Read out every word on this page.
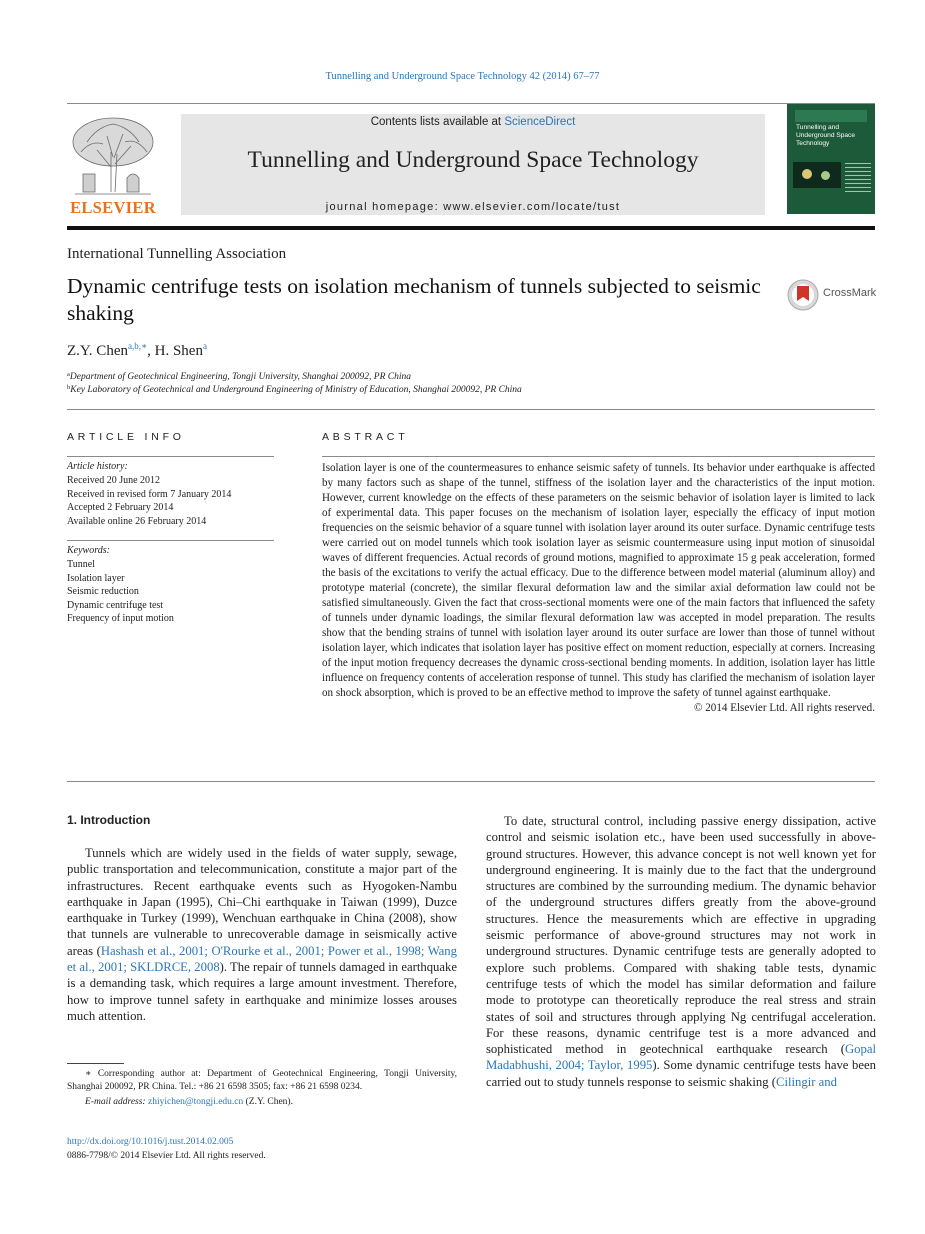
Tunnelling and Underground Space Technology 42 (2014) 67–77
ELSEVIER
Contents lists available at ScienceDirect
Tunnelling and Underground Space Technology
journal homepage: www.elsevier.com/locate/tust
Tunnelling and Underground Space Technology
International Tunnelling Association
Dynamic centrifuge tests on isolation mechanism of tunnels subjected to seismic shaking
CrossMark
Z.Y. Chen$^{a,b,∗}$, H. Shen$^a$
$^a$Department of Geotechnical Engineering, Tongji University, Shanghai 200092, PR China
$^b$Key Laboratory of Geotechnical and Underground Engineering of Ministry of Education, Shanghai 200092, PR China
ARTICLE INFO
Article history:
Received 20 June 2012
Received in revised form 7 January 2014
Accepted 2 February 2014
Available online 26 February 2014
Keywords:
Tunnel
Isolation layer
Seismic reduction
Dynamic centrifuge test
Frequency of input motion
ABSTRACT
Isolation layer is one of the countermeasures to enhance seismic safety of tunnels. Its behavior under earthquake is affected by many factors such as shape of the tunnel, stiffness of the isolation layer and the characteristics of the input motion. However, current knowledge on the effects of these parameters on the seismic behavior of isolation layer is limited to lack of experimental data. This paper focuses on the mechanism of isolation layer, especially the efficacy of input motion frequencies on the seismic behavior of a square tunnel with isolation layer around its outer surface. Dynamic centrifuge tests were carried out on model tunnels which took isolation layer as seismic countermeasure using input motion of sinusoidal waves of different frequencies. Actual records of ground motions, magnified to approximate 15 g peak acceleration, formed the basis of the excitations to verify the actual efficacy. Due to the difference between model material (aluminum alloy) and prototype material (concrete), the similar flexural deformation law and the similar axial deformation law could not be satisfied simultaneously. Given the fact that cross-sectional moments were one of the main factors that influenced the safety of tunnels under dynamic loadings, the similar flexural deformation law was accepted in model preparation. The results show that the bending strains of tunnel with isolation layer around its outer surface are lower than those of tunnel without isolation layer, which indicates that isolation layer has positive effect on moment reduction, especially at corners. Increasing of the input motion frequency decreases the dynamic cross-sectional bending moments. In addition, isolation layer has little influence on frequency contents of acceleration response of tunnel. This study has clarified the mechanism of isolation layer on shock absorption, which is proved to be an effective method to improve the safety of tunnel against earthquake.
© 2014 Elsevier Ltd. All rights reserved.
1. Introduction

Tunnels which are widely used in the fields of water supply, sewage, public transportation and telecommunication, constitute a major part of the infrastructures. Recent earthquake events such as Hyogoken-Nambu earthquake in Japan (1995), Chi–Chi earthquake in Taiwan (1999), Duzce earthquake in Turkey (1999), Wenchuan earthquake in China (2008), show that tunnels are vulnerable to unrecoverable damage in seismically active areas (Hashash et al., 2001; O'Rourke et al., 2001; Power et al., 1998; Wang et al., 2001; SKLDRCE, 2008). The repair of tunnels damaged in earthquake is a demanding task, which requires a large amount investment. Therefore, how to improve tunnel safety in earthquake and minimize losses arouses much attention.

To date, structural control, including passive energy dissipation, active control and seismic isolation etc., have been used successfully in above-ground structures. However, this advance concept is not well known yet for underground engineering. It is mainly due to the fact that the underground structures are combined by the surrounding medium. The dynamic behavior of the underground structures differs greatly from the above-ground structures. Hence the measurements which are effective in upgrading seismic performance of above-ground structures may not work in underground structures. Dynamic centrifuge tests are generally adopted to explore such problems. Compared with shaking table tests, dynamic centrifuge tests of which the model has similar deformation and failure mode to prototype can theoretically reproduce the real stress and strain states of soil and structures through applying Ng centrifugal acceleration. For these reasons, dynamic centrifuge test is a more advanced and sophisticated method in geotechnical earthquake research (Gopal Madabhushi, 2004; Taylor, 1995). Some dynamic centrifuge tests have been carried out to study tunnels response to seismic shaking (Cilingir and

∗ Corresponding author at: Department of Geotechnical Engineering, Tongji University, Shanghai 200092, PR China. Tel.: +86 21 6598 3505; fax: +86 21 6598 0234.
E-mail address: zhiyichen@tongji.edu.cn (Z.Y. Chen).
http://dx.doi.org/10.1016/j.tust.2014.02.005
0886-7798/© 2014 Elsevier Ltd. All rights reserved.
